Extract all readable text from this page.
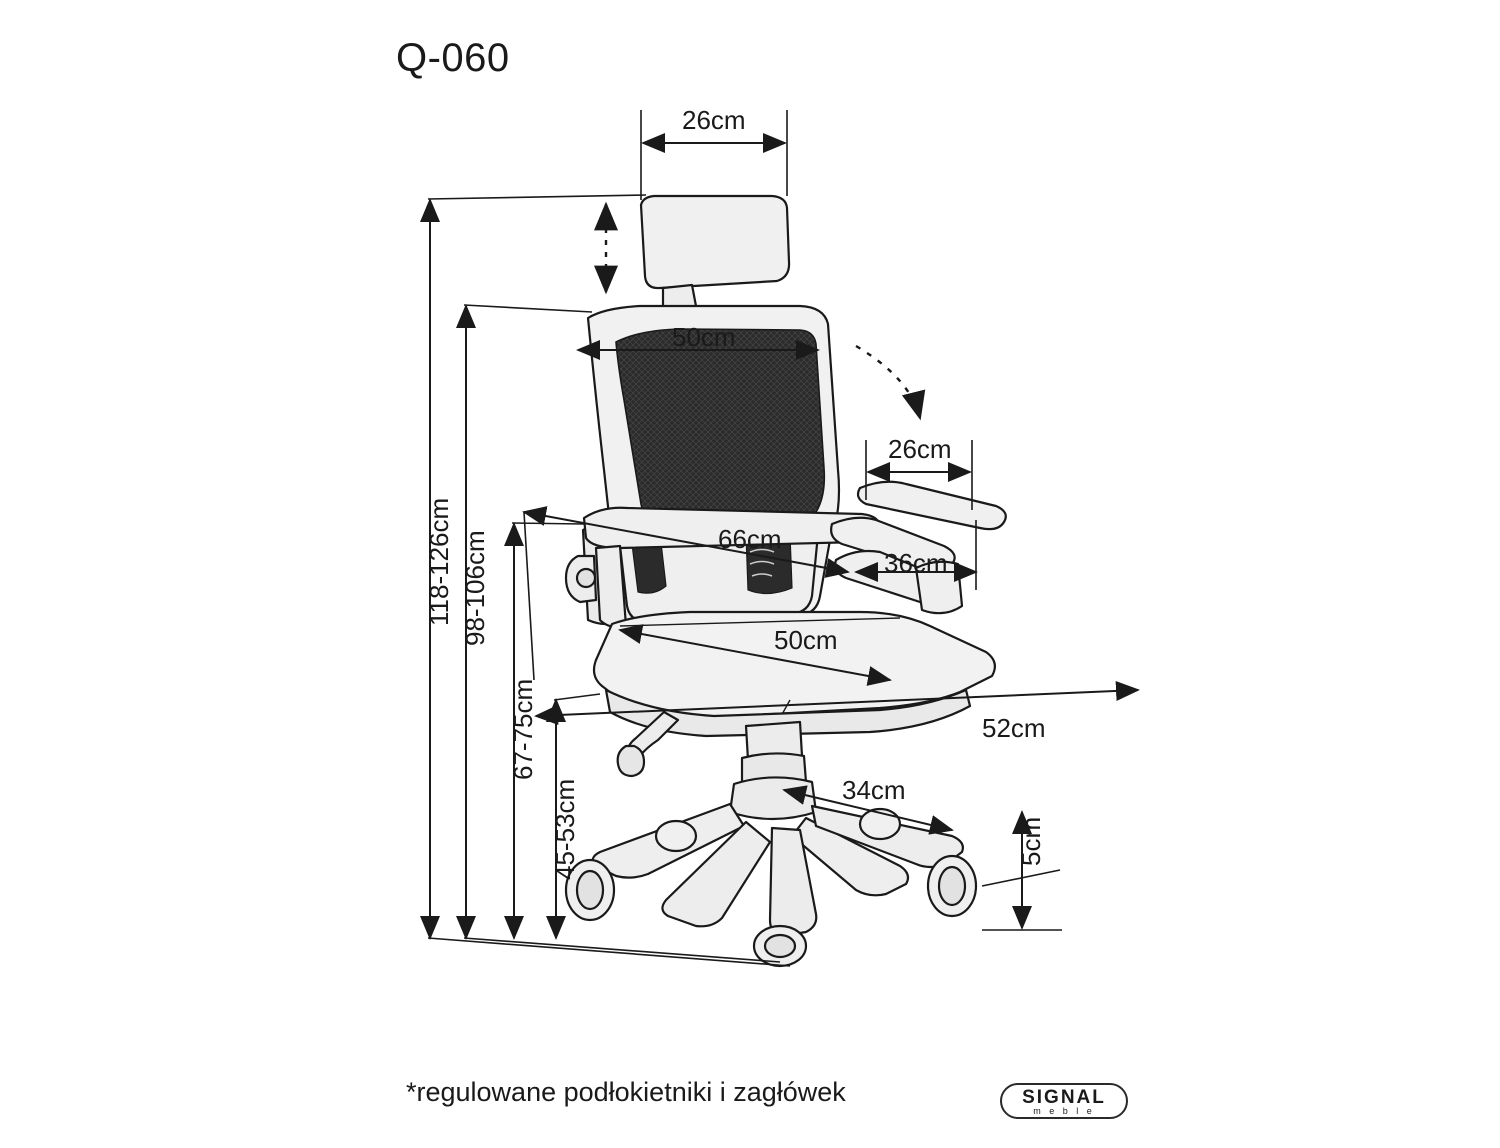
Q-060
26cm
50cm
26cm
66cm
36cm
50cm
52cm
34cm
5cm
118-126cm 98-106cm
67-75cm
45-53cm
*regulowane podłokietniki i zagłówek	SIGNAL
m e b l e
